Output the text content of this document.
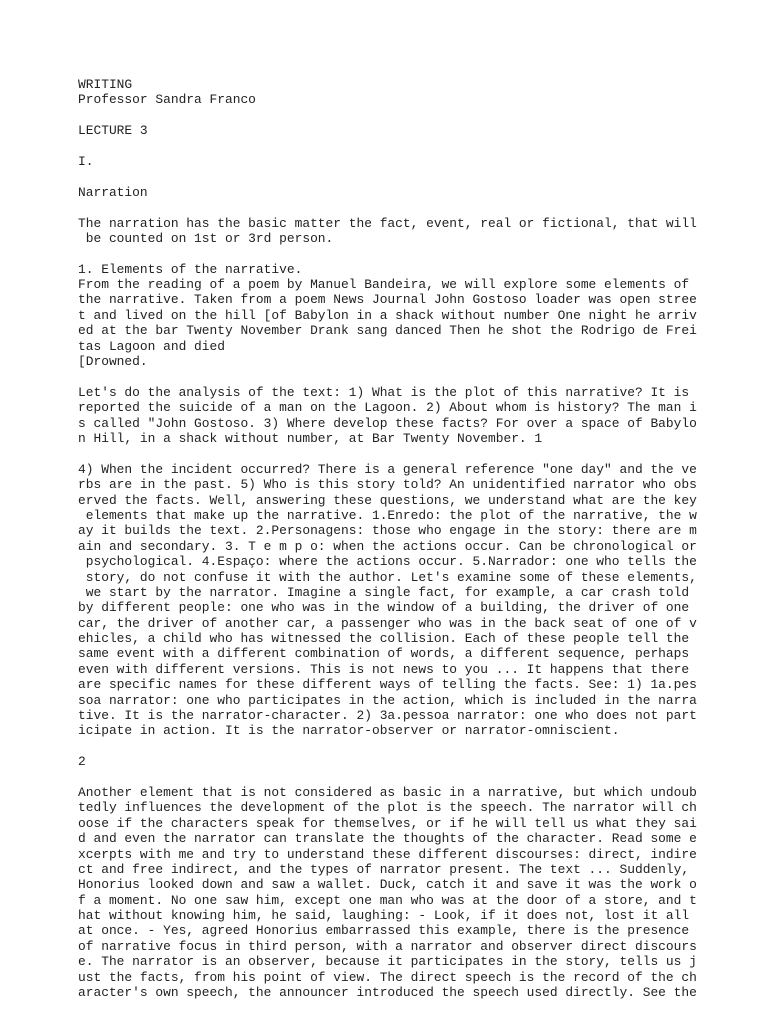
WRITING
Professor Sandra Franco
LECTURE 3
I.
Narration
The narration has the basic matter the fact, event, real or fictional, that will
be counted on 1st or 3rd person.
1. Elements of the narrative.
From the reading of a poem by Manuel Bandeira, we will explore some elements of
the narrative. Taken from a poem News Journal John Gostoso loader was open stree
t and lived on the hill [of Babylon in a shack without number One night he arriv
ed at the bar Twenty November Drank sang danced Then he shot the Rodrigo de Frei
tas Lagoon and died
[Drowned.
Let's do the analysis of the text: 1) What is the plot of this narrative? It is
reported the suicide of a man on the Lagoon. 2) About whom is history? The man i
s called "John Gostoso. 3) Where develop these facts? For over a space of Babylo
n Hill, in a shack without number, at Bar Twenty November. 1
4) When the incident occurred? There is a general reference "one day" and the ve
rbs are in the past. 5) Who is this story told? An unidentified narrator who obs
erved the facts. Well, answering these questions, we understand what are the key
elements that make up the narrative. 1.Enredo: the plot of the narrative, the w
ay it builds the text. 2.Personagens: those who engage in the story: there are m
ain and secondary. 3. T e m p o: when the actions occur. Can be chronological or
psychological. 4.Espaço: where the actions occur. 5.Narrador: one who tells the
story, do not confuse it with the author. Let's examine some of these elements,
we start by the narrator. Imagine a single fact, for example, a car crash told
by different people: one who was in the window of a building, the driver of one
car, the driver of another car, a passenger who was in the back seat of one of v
ehicles, a child who has witnessed the collision. Each of these people tell the
same event with a different combination of words, a different sequence, perhaps
even with different versions. This is not news to you ... It happens that there
are specific names for these different ways of telling the facts. See: 1) 1a.pes
soa narrator: one who participates in the action, which is included in the narra
tive. It is the narrator-character. 2) 3a.pessoa narrator: one who does not part
icipate in action. It is the narrator-observer or narrator-omniscient.
2
Another element that is not considered as basic in a narrative, but which undoub
tedly influences the development of the plot is the speech. The narrator will ch
oose if the characters speak for themselves, or if he will tell us what they sai
d and even the narrator can translate the thoughts of the character. Read some e
xcerpts with me and try to understand these different discourses: direct, indire
ct and free indirect, and the types of narrator present. The text ... Suddenly,
Honorius looked down and saw a wallet. Duck, catch it and save it was the work o
f a moment. No one saw him, except one man who was at the door of a store, and t
hat without knowing him, he said, laughing: - Look, if it does not, lost it all
at once. - Yes, agreed Honorius embarrassed this example, there is the presence
of narrative focus in third person, with a narrator and observer direct discours
e. The narrator is an observer, because it participates in the story, tells us j
ust the facts, from his point of view. The direct speech is the record of the ch
aracter's own speech, the announcer introduced the speech used directly. See the
